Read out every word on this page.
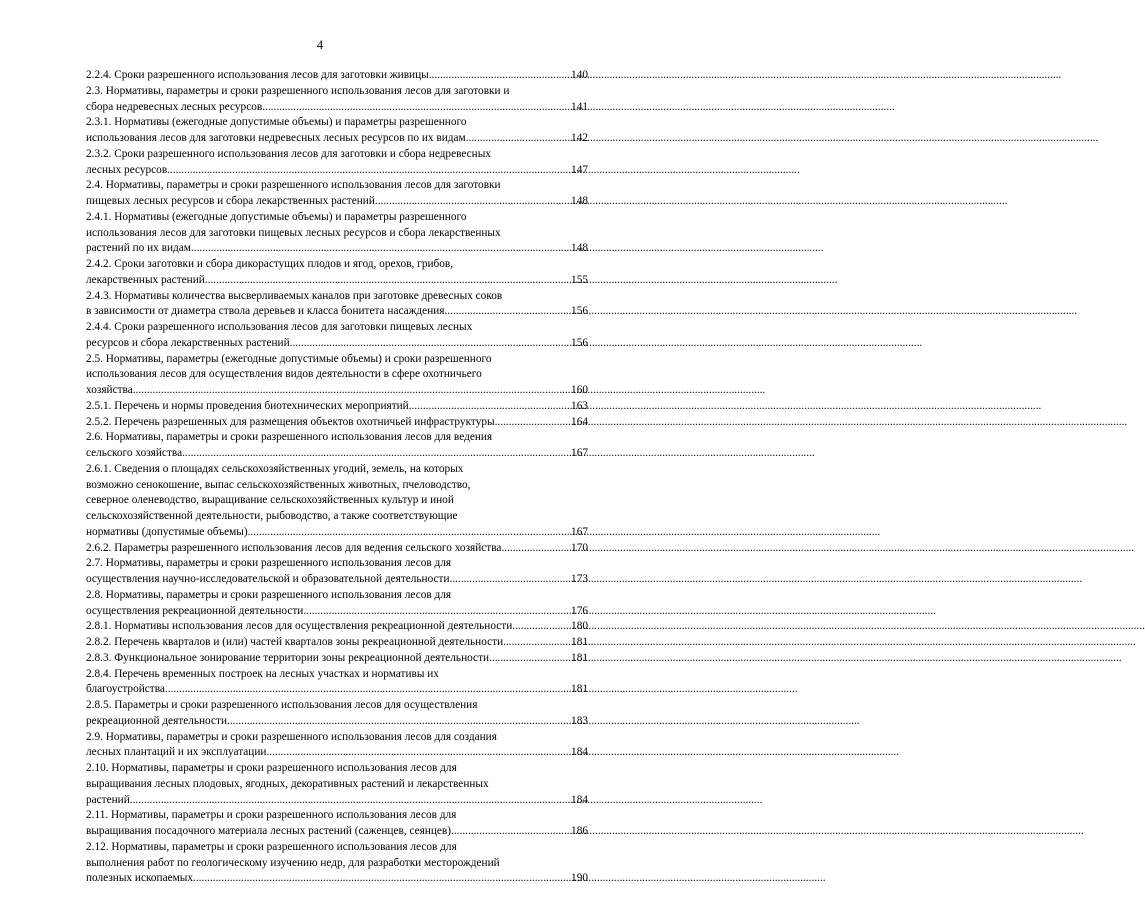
4
2.2.4. Сроки разрешенного использования лесов для заготовки живицы .....	140
2.3. Нормативы, параметры и сроки разрешенного использования лесов для заготовки и
сбора недревесных лесных ресурсов .....	141
2.3.1. Нормативы (ежегодные допустимые объемы) и параметры разрешенного
использования лесов для заготовки недревесных лесных ресурсов по их видам .....	142
2.3.2. Сроки разрешенного использования лесов для заготовки и сбора недревесных
лесных ресурсов .....	147
2.4. Нормативы, параметры и сроки разрешенного использования лесов для заготовки
пищевых лесных ресурсов и сбора лекарственных растений .....	148
2.4.1. Нормативы (ежегодные допустимые объемы) и параметры разрешенного
использования лесов для заготовки пищевых лесных ресурсов и сбора лекарственных
растений по их видам .....	148
2.4.2. Сроки заготовки и сбора дикорастущих плодов и ягод, орехов, грибов,
лекарственных растений .....	155
2.4.3. Нормативы количества высверливаемых каналов при заготовке древесных соков
в зависимости от диаметра ствола деревьев и класса бонитета насаждения .....	156
2.4.4. Сроки разрешенного использования лесов для заготовки пищевых лесных
ресурсов и сбора лекарственных растений .....	156
2.5. Нормативы, параметры (ежегодные допустимые объемы) и сроки разрешенного
использования лесов для осуществления видов деятельности в сфере охотничьего
хозяйства .....	160
2.5.1. Перечень и нормы проведения биотехнических мероприятий .....	163
2.5.2. Перечень разрешенных для размещения объектов охотничьей инфраструктуры .....	164
2.6. Нормативы, параметры и сроки разрешенного использования лесов для ведения
сельского хозяйства .....	167
2.6.1. Сведения о площадях сельскохозяйственных угодий, земель, на которых
возможно сенокошение, выпас сельскохозяйственных животных, пчеловодство,
северное оленеводство, выращивание сельскохозяйственных культур и иной
сельскохозяйственной деятельности, рыбоводство, а также соответствующие
нормативы (допустимые объемы) .....	167
2.6.2. Параметры разрешенного использования лесов для ведения сельского хозяйства .....	170
2.7. Нормативы, параметры и сроки разрешенного использования лесов для
осуществления научно-исследовательской и образовательной деятельности .....	173
2.8. Нормативы, параметры и сроки разрешенного использования лесов для
осуществления рекреационной деятельности .....	176
2.8.1. Нормативы использования лесов для осуществления рекреационной деятельности .....	180
2.8.2. Перечень кварталов и (или) частей кварталов зоны рекреационной деятельности .....	181
2.8.3. Функциональное зонирование территории зоны рекреационной деятельности .....	181
2.8.4. Перечень временных построек на лесных участках и нормативы их
благоустройства .....	181
2.8.5. Параметры и сроки разрешенного использования лесов для осуществления
рекреационной деятельности .....	183
2.9. Нормативы, параметры и сроки разрешенного использования лесов для создания
лесных плантаций и их эксплуатации .....	184
2.10. Нормативы, параметры и сроки разрешенного использования лесов для
выращивания лесных плодовых, ягодных, декоративных растений и лекарственных
растений .....	184
2.11. Нормативы, параметры и сроки разрешенного использования лесов для
выращивания посадочного материала лесных растений (саженцев, сеянцев) .....	186
2.12. Нормативы, параметры и сроки разрешенного использования лесов для
выполнения работ по геологическому изучению недр, для разработки месторождений
полезных ископаемых .....	190
